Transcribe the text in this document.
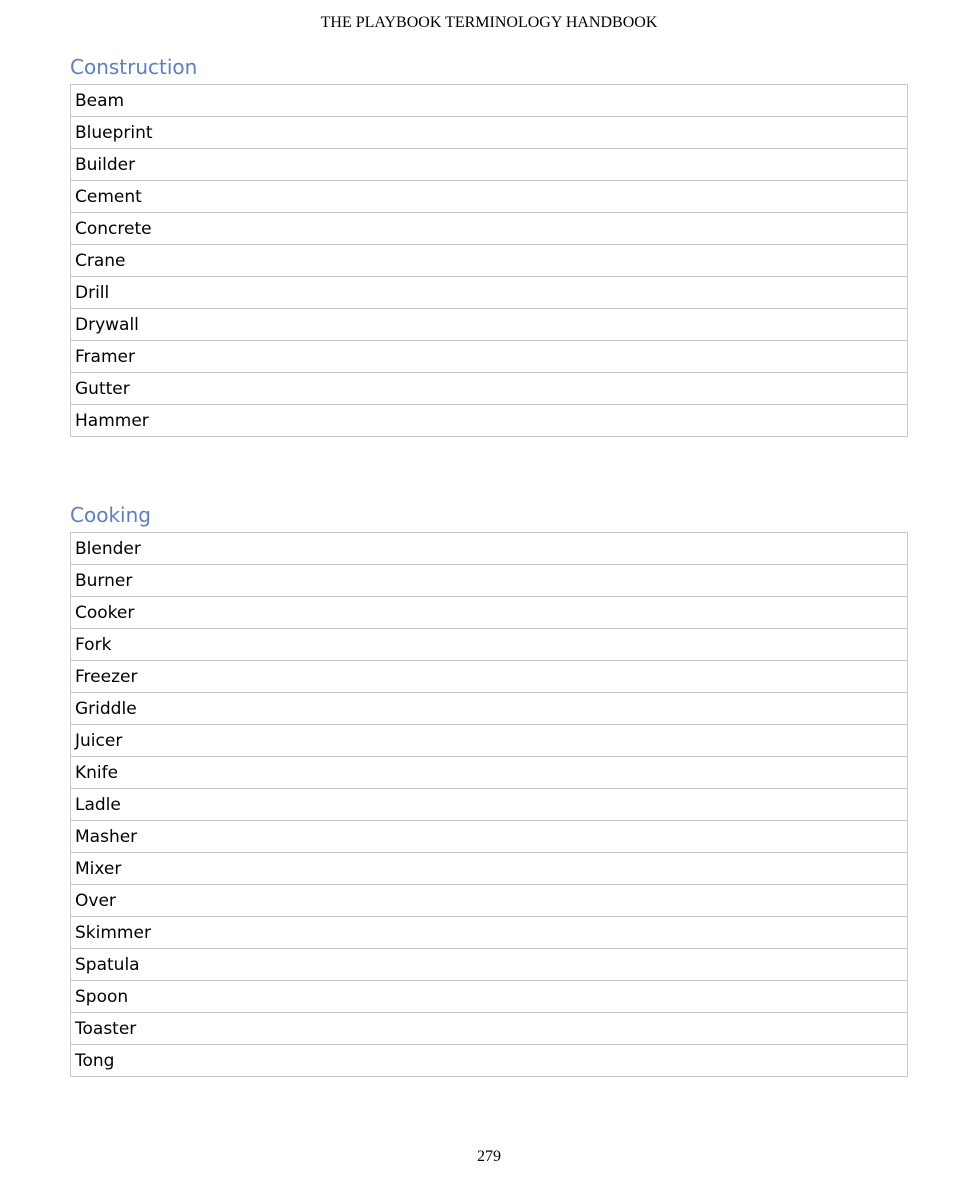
THE PLAYBOOK TERMINOLOGY HANDBOOK
Construction
Beam
Blueprint
Builder
Cement
Concrete
Crane
Drill
Drywall
Framer
Gutter
Hammer
Cooking
Blender
Burner
Cooker
Fork
Freezer
Griddle
Juicer
Knife
Ladle
Masher
Mixer
Over
Skimmer
Spatula
Spoon
Toaster
Tong
279
